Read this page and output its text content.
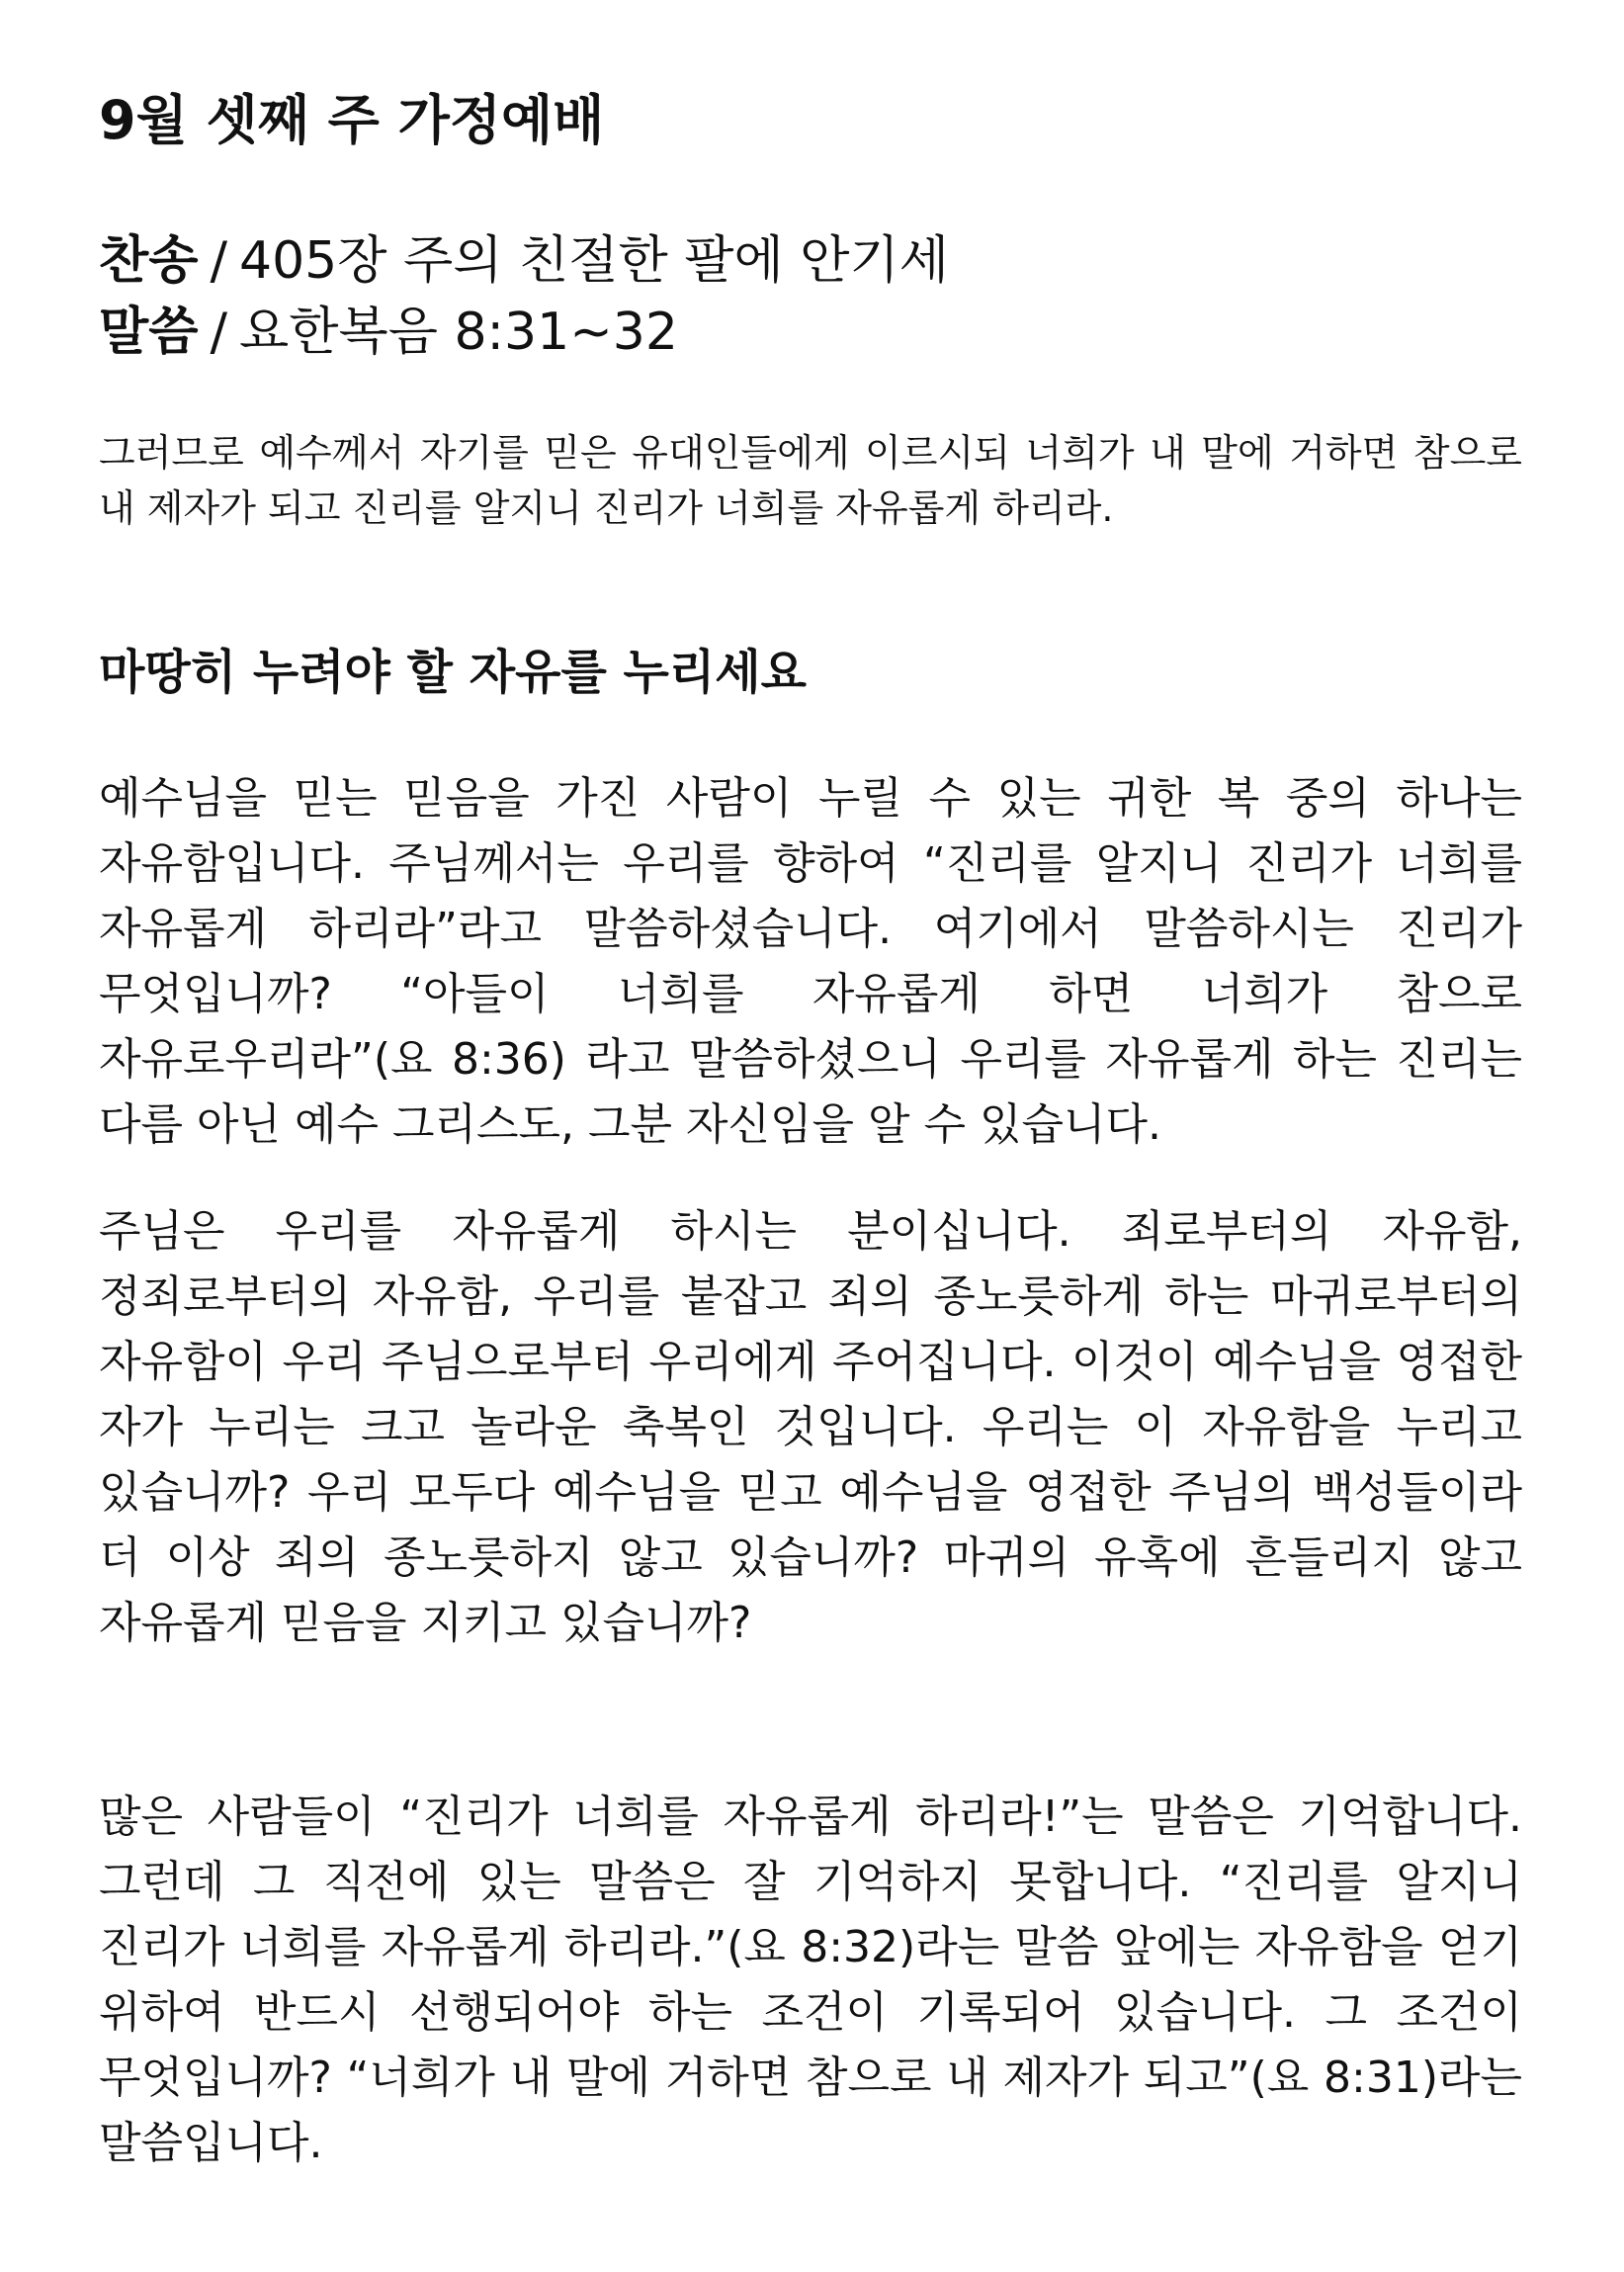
9월 셋째 주 가정예배
찬송 / 405장 주의 친절한 팔에 안기세
말씀 / 요한복음 8:31~32
그러므로 예수께서 자기를 믿은 유대인들에게 이르시되 너희가 내 말에 거하면 참으로 내 제자가 되고 진리를 알지니 진리가 너희를 자유롭게 하리라.
마땅히 누려야 할 자유를 누리세요
예수님을 믿는 믿음을 가진 사람이 누릴 수 있는 귀한 복 중의 하나는 자유함입니다. 주님께서는 우리를 향하여 “진리를 알지니 진리가 너희를 자유롭게 하리라”라고 말씀하셨습니다. 여기에서 말씀하시는 진리가 무엇입니까? “아들이 너희를 자유롭게 하면 너희가 참으로 자유로우리라”(요 8:36) 라고 말씀하셨으니 우리를 자유롭게 하는 진리는 다름 아닌 예수 그리스도, 그분 자신임을 알 수 있습니다.
주님은 우리를 자유롭게 하시는 분이십니다. 죄로부터의 자유함, 정죄로부터의 자유함, 우리를 붙잡고 죄의 종노릇하게 하는 마귀로부터의 자유함이 우리 주님으로부터 우리에게 주어집니다. 이것이 예수님을 영접한 자가 누리는 크고 놀라운 축복인 것입니다. 우리는 이 자유함을 누리고 있습니까? 우리 모두다 예수님을 믿고 예수님을 영접한 주님의 백성들이라 더 이상 죄의 종노릇하지 않고 있습니까? 마귀의 유혹에 흔들리지 않고 자유롭게 믿음을 지키고 있습니까?
많은 사람들이 “진리가 너희를 자유롭게 하리라!”는 말씀은 기억합니다. 그런데 그 직전에 있는 말씀은 잘 기억하지 못합니다. “진리를 알지니 진리가 너희를 자유롭게 하리라.”(요 8:32)라는 말씀 앞에는 자유함을 얻기 위하여 반드시 선행되어야 하는 조건이 기록되어 있습니다. 그 조건이 무엇입니까? “너희가 내 말에 거하면 참으로 내 제자가 되고”(요 8:31)라는 말씀입니다.
